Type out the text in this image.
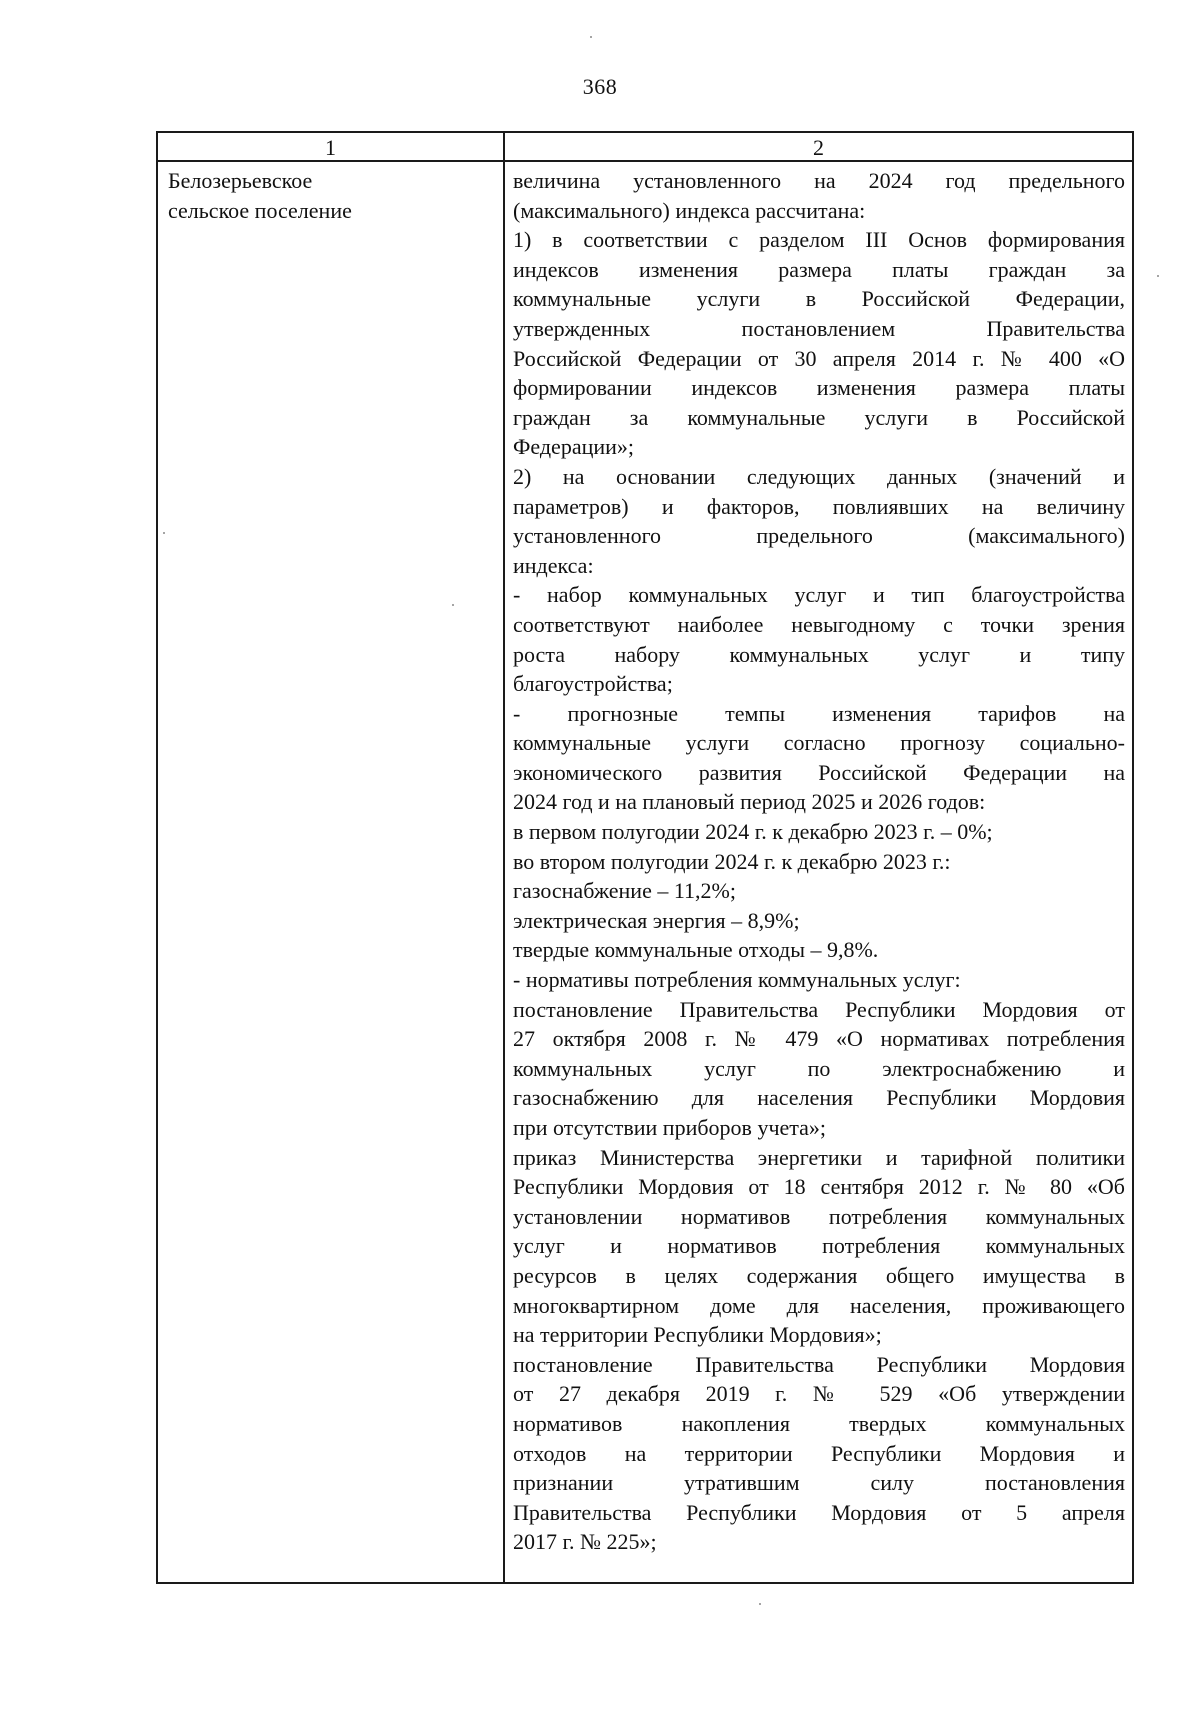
368
1	2
Белозерьевское
сельское поселение
величина установленного на 2024 год предельного
(максимального) индекса рассчитана:
1) в соответствии с разделом III Основ формирования
индексов изменения размера платы граждан за
коммунальные услуги в Российской Федерации,
утвержденных постановлением Правительства
Российской Федерации от 30 апреля 2014 г. № 400 «О
формировании индексов изменения размера платы
граждан за коммунальные услуги в Российской
Федерации»;
2) на основании следующих данных (значений и
параметров) и факторов, повлиявших на величину
установленного предельного (максимального)
индекса:
- набор коммунальных услуг и тип благоустройства
соответствуют наиболее невыгодному с точки зрения
роста набору коммунальных услуг и типу
благоустройства;
- прогнозные темпы изменения тарифов на
коммунальные услуги согласно прогнозу социально-
экономического развития Российской Федерации на
2024 год и на плановый период 2025 и 2026 годов:
в первом полугодии 2024 г. к декабрю 2023 г. – 0%;
во втором полугодии 2024 г. к декабрю 2023 г.:
газоснабжение – 11,2%;
электрическая энергия – 8,9%;
твердые коммунальные отходы – 9,8%.
- нормативы потребления коммунальных услуг:
постановление Правительства Республики Мордовия от
27 октября 2008 г. № 479 «О нормативах потребления
коммунальных услуг по электроснабжению и
газоснабжению для населения Республики Мордовия
при отсутствии приборов учета»;
приказ Министерства энергетики и тарифной политики
Республики Мордовия от 18 сентября 2012 г. № 80 «Об
установлении нормативов потребления коммунальных
услуг и нормативов потребления коммунальных
ресурсов в целях содержания общего имущества в
многоквартирном доме для населения, проживающего
на территории Республики Мордовия»;
постановление Правительства Республики Мордовия
от 27 декабря 2019 г. № 529 «Об утверждении
нормативов накопления твердых коммунальных
отходов на территории Республики Мордовия и
признании утратившим силу постановления
Правительства Республики Мордовия от 5 апреля
2017 г. № 225»;
